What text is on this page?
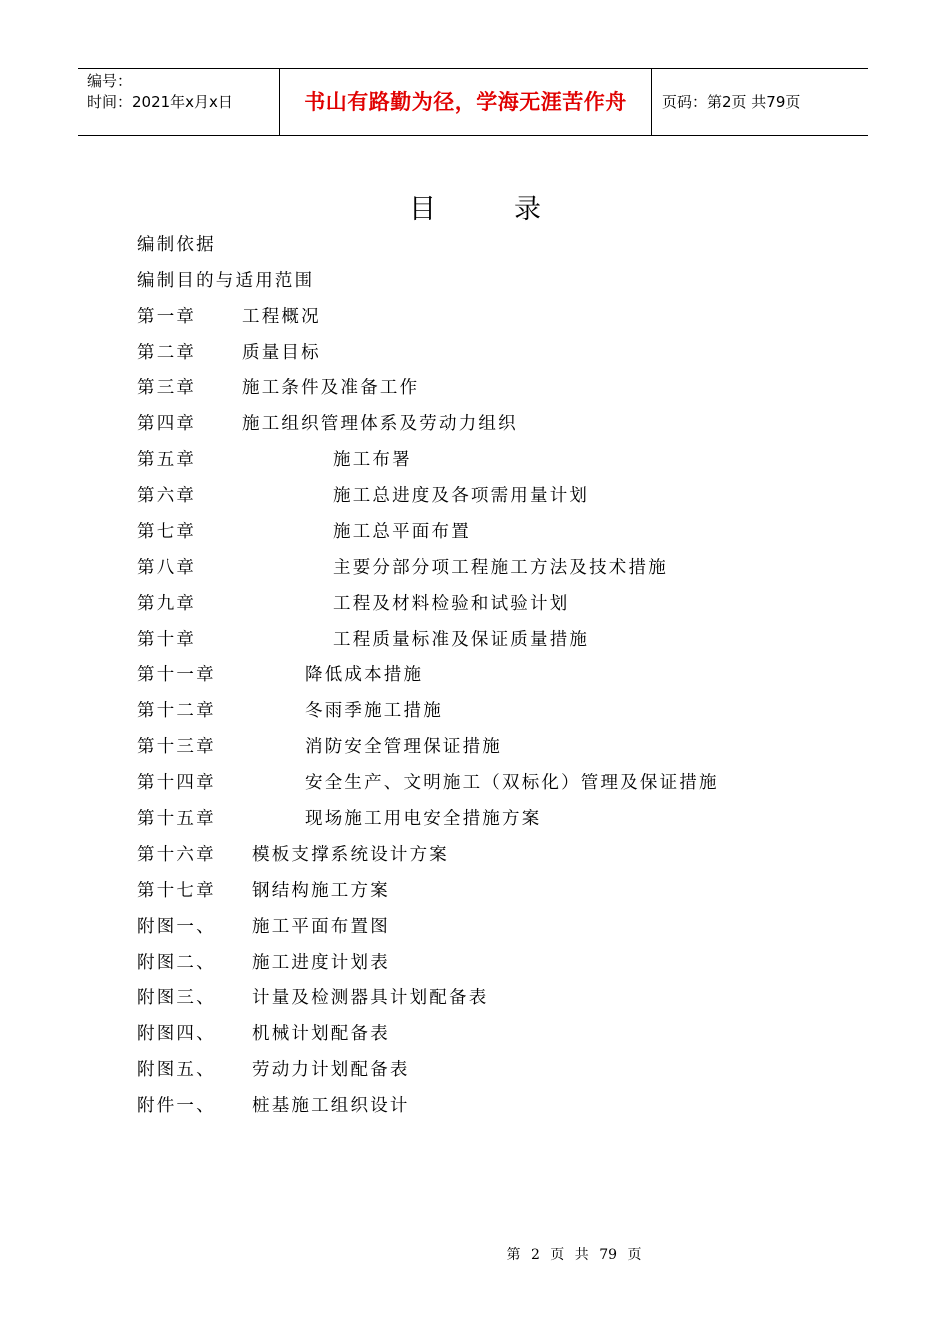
编号：
时间：2021年x月x日	书山有路勤为径，学海无涯苦作舟	页码：第2页 共79页
目	录
编制依据
编制目的与适用范围
第一章	工程概况
第二章	质量目标
第三章	施工条件及准备工作
第四章	施工组织管理体系及劳动力组织
第五章	施工布署
第六章	施工总进度及各项需用量计划
第七章	施工总平面布置
第八章	主要分部分项工程施工方法及技术措施
第九章	工程及材料检验和试验计划
第十章	工程质量标准及保证质量措施
第十一章	降低成本措施
第十二章	冬雨季施工措施
第十三章	消防安全管理保证措施
第十四章	安全生产、文明施工（双标化）管理及保证措施
第十五章	现场施工用电安全措施方案
第十六章 模板支撑系统设计方案
第十七章 钢结构施工方案
附图一、 施工平面布置图
附图二、 施工进度计划表
附图三、 计量及检测器具计划配备表
附图四、 机械计划配备表
附图五、 劳动力计划配备表
附件一、 桩基施工组织设计
第 2 页 共 79 页
